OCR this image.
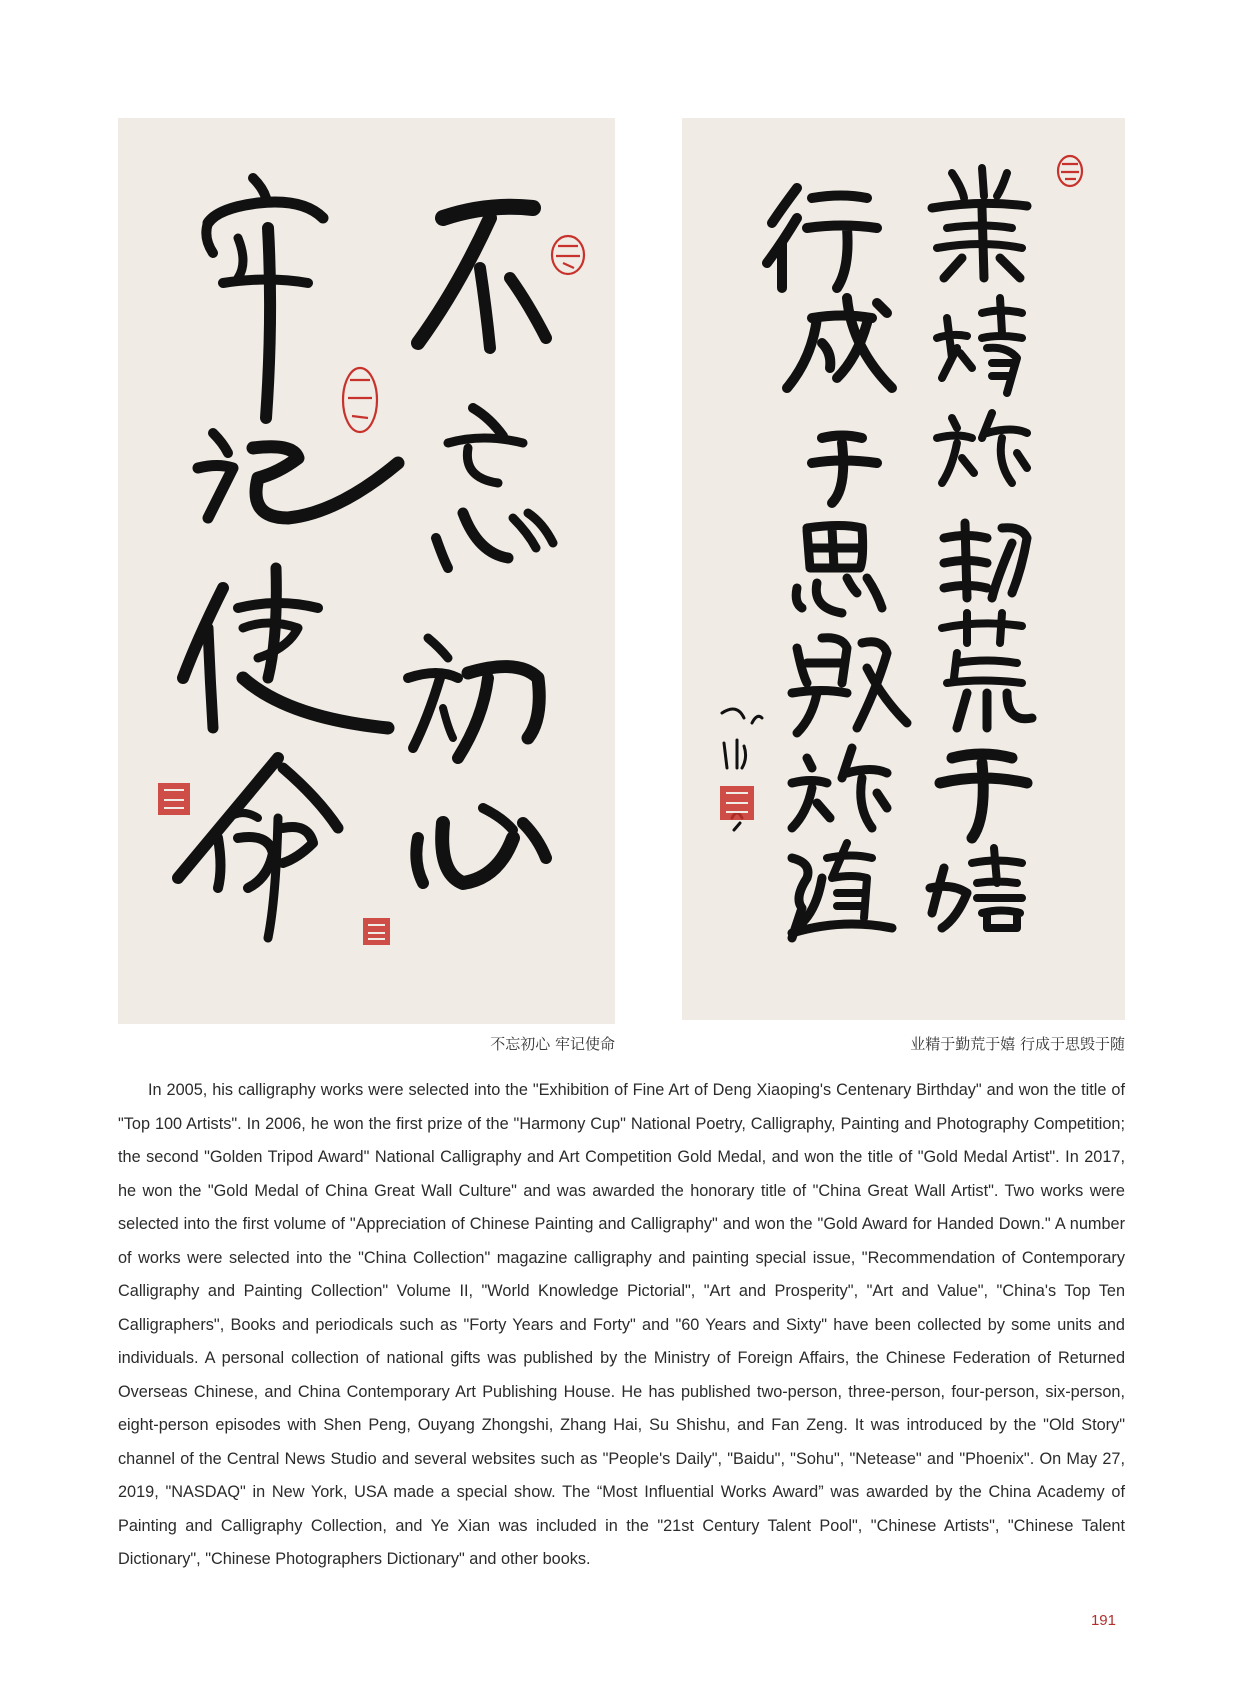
不忘初心 牢记使命	业精于勤荒于嬉 行成于思毁于随

In 2005, his calligraphy works were selected into the "Exhibition of Fine Art of Deng Xiaoping's Centenary Birthday" and won the title of "Top 100 Artists". In 2006, he won the first prize of the "Harmony Cup" National Poetry, Calligraphy, Painting and Photography Competition; the second "Golden Tripod Award" National Calligraphy and Art Competition Gold Medal, and won the title of "Gold Medal Artist". In 2017, he won the "Gold Medal of China Great Wall Culture" and was awarded the honorary title of "China Great Wall Artist". Two works were selected into the first volume of "Appreciation of Chinese Painting and Calligraphy" and won the "Gold Award for Handed Down." A number of works were selected into the "China Collection" magazine calligraphy and painting special issue, "Recommendation of Contemporary Calligraphy and Painting Collection" Volume II, "World Knowledge Pictorial", "Art and Prosperity", "Art and Value", "China's Top Ten Calligraphers", Books and periodicals such as "Forty Years and Forty" and "60 Years and Sixty" have been collected by some units and individuals. A personal collection of national gifts was published by the Ministry of Foreign Affairs, the Chinese Federation of Returned Overseas Chinese, and China Contemporary Art Publishing House. He has published two-person, three-person, four-person, six-person, eight-person episodes with Shen Peng, Ouyang Zhongshi, Zhang Hai, Su Shishu, and Fan Zeng. It was introduced by the "Old Story" channel of the Central News Studio and several websites such as "People's Daily", "Baidu", "Sohu", "Netease" and "Phoenix". On May 27, 2019, "NASDAQ" in New York, USA made a special show. The “Most Influential Works Award” was awarded by the China Academy of Painting and Calligraphy Collection, and Ye Xian was included in the "21st Century Talent Pool", "Chinese Artists", "Chinese Talent Dictionary", "Chinese Photographers Dictionary" and other books.

191
